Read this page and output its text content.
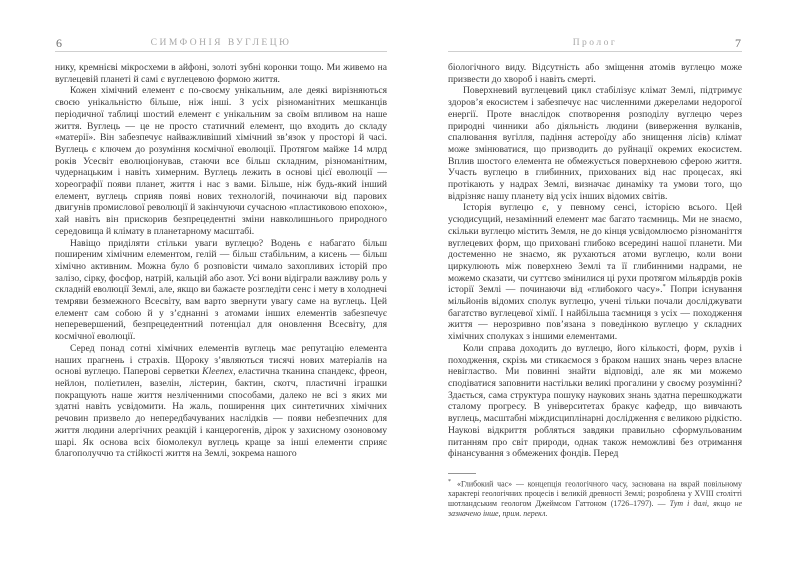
6	СИМФОНІЯ ВУГЛЕЦЮ

нику, кремнієві мікросхеми в айфоні, золоті зубні коронки тощо. Ми живемо на вуглецевій планеті й самі є вуглецевою формою життя.

Кожен хімічний елемент є по-своєму унікальним, але деякі вирізняються своєю унікальністю більше, ніж інші. З усіх різноманітних мешканців періодичної таблиці шостий елемент є унікальним за своїм впливом на наше життя. Вуглець — це не просто статичний елемент, що входить до складу «матерії». Він забезпечує найважливіший хімічний зв’язок у просторі й часі. Вуглець є ключем до розуміння космічної еволюції. Протягом майже 14 млрд років Усесвіт еволюціонував, стаючи все більш складним, різноманітним, чудернацьким і навіть химерним. Вуглець лежить в основі цієї еволюції — хореографії появи планет, життя і нас з вами. Більше, ніж будь-який інший елемент, вуглець сприяв появі нових технологій, починаючи від парових двигунів промислової революції й закінчуючи сучасною «пластиковою епохою», хай навіть він прискорив безпрецедентні зміни навколишнього природного середовища й клімату в планетарному масштабі.

Навіщо приділяти стільки уваги вуглецю? Водень є набагато більш поширеним хімічним елементом, гелій — більш стабільним, а кисень — більш хімічно активним. Можна було б розповісти чимало захопливих історій про залізо, сірку, фосфор, натрій, кальцій або азот. Усі вони відіграли важливу роль у складній еволюції Землі, але, якщо ви бажаєте розгледіти сенс і мету в холоднечі темряви безмежного Всесвіту, вам варто звернути увагу саме на вуглець. Цей елемент сам собою й у з’єднанні з атомами інших елементів забезпечує неперевершений, безпрецедентний потенціал для оновлення Всесвіту, для космічної еволюції.

Серед понад сотні хімічних елементів вуглець має репутацію елемента наших прагнень і страхів. Щороку з’являються тисячі нових матеріалів на основі вуглецю. Паперові серветки Kleenex, еластична тканина спандекс, фреон, нейлон, поліетилен, вазелін, лістерин, бактин, скотч, пластичні іграшки покращують наше життя незліченними способами, далеко не всі з яких ми здатні навіть усвідомити. На жаль, поширення цих синтетичних хімічних речовин призвело до непередбачуваних наслідків — появи небезпечних для життя людини алергічних реакцій і канцерогенів, дірок у захисному озоновому шарі. Як основа всіх біомолекул вуглець краще за інші елементи сприяє благополуччю та стійкості життя на Землі, зокрема нашого

Пролог	7

біологічного виду. Відсутність або зміщення атомів вуглецю може призвести до хвороб і навіть смерті.

Поверхневий вуглецевий цикл стабілізує клімат Землі, підтримує здоров’я екосистем і забезпечує нас численними джерелами недорогої енергії. Проте внаслідок спотворення розподілу вуглецю через природні чинники або діяльність людини (виверження вулканів, спалювання вугілля, падіння астероїду або знищення лісів) клімат може змінюватися, що призводить до руйнації окремих екосистем. Вплив шостого елемента не обмежується поверхневою сферою життя. Участь вуглецю в глибинних, прихованих від нас процесах, які протікають у надрах Землі, визначає динаміку та умови того, що відрізняє нашу планету від усіх інших відомих світів.

Історія вуглецю є, у певному сенсі, історією всього. Цей усюдисущий, незамінний елемент має багато таємниць. Ми не знаємо, скільки вуглецю містить Земля, не до кінця усвідомлюємо різноманіття вуглецевих форм, що приховані глибоко всередині нашої планети. Ми достеменно не знаємо, як рухаються атоми вуглецю, коли вони циркулюють між поверхнею Землі та її глибинними надрами, не можемо сказати, чи суттєво змінилися ці рухи протягом мільярдів років історії Землі — починаючи від «глибокого часу».* Попри існування мільйонів відомих сполук вуглецю, учені тільки почали досліджувати багатство вуглецевої хімії. І найбільша таємниця з усіх — походження життя — нерозривно пов’язана з поведінкою вуглецю у складних хімічних сполуках з іншими елементами.

Коли справа доходить до вуглецю, його кількості, форм, рухів і походження, скрізь ми стикаємося з браком наших знань через власне невігластво. Ми повинні знайти відповіді, але як ми можемо сподіватися заповнити настільки великі прогалини у своєму розумінні? Здається, сама структура пошуку наукових знань здатна перешкоджати сталому прогресу. В університетах бракує кафедр, що вивчають вуглець, масштабні міждисциплінарні дослідження є великою рідкістю. Наукові відкриття робляться завдяки правильно сформульованим питанням про світ природи, однак також неможливі без отримання фінансування з обмежених фондів. Перед

* «Глибокий час» — концепція геологічного часу, заснована на вкрай повільному характері геологічних процесів і великій древності Землі; розроблена у XVIII столітті шотландським геологом Джеймсом Гаттоном (1726–1797). — Тут і далі, якщо не зазначено інше, прим. перекл.
